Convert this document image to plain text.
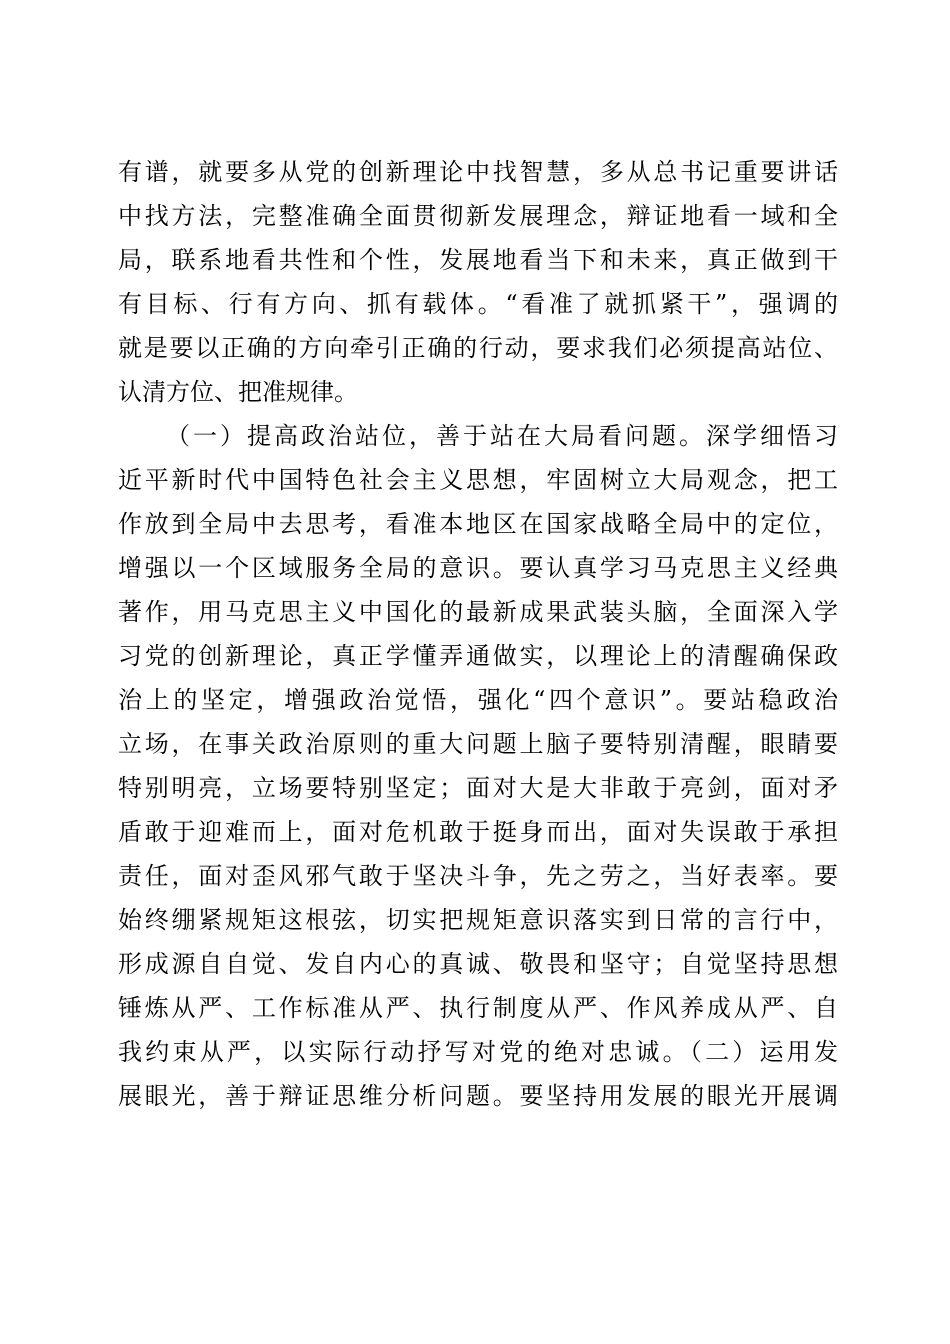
有谱，就要多从党的创新理论中找智慧，多从总书记重要讲话

中找方法，完整准确全面贯彻新发展理念，辩证地看一域和全

局，联系地看共性和个性，发展地看当下和未来，真正做到干

有目标、行有方向、抓有载体。“看准了就抓紧干”，强调的

就是要以正确的方向牵引正确的行动，要求我们必须提高站位、

认清方位、把准规律。

（一）提高政治站位，善于站在大局看问题。深学细悟习

近平新时代中国特色社会主义思想，牢固树立大局观念，把工

作放到全局中去思考，看准本地区在国家战略全局中的定位，

增强以一个区域服务全局的意识。要认真学习马克思主义经典

著作，用马克思主义中国化的最新成果武装头脑，全面深入学

习党的创新理论，真正学懂弄通做实，以理论上的清醒确保政

治上的坚定，增强政治觉悟，强化“四个意识”。要站稳政治

立场，在事关政治原则的重大问题上脑子要特别清醒，眼睛要

特别明亮，立场要特别坚定；面对大是大非敢于亮剑，面对矛

盾敢于迎难而上，面对危机敢于挺身而出，面对失误敢于承担

责任，面对歪风邪气敢于坚决斗争，先之劳之，当好表率。要

始终绷紧规矩这根弦，切实把规矩意识落实到日常的言行中，

形成源自自觉、发自内心的真诚、敬畏和坚守；自觉坚持思想

锤炼从严、工作标准从严、执行制度从严、作风养成从严、自

我约束从严，以实际行动抒写对党的绝对忠诚。（二）运用发

展眼光，善于辩证思维分析问题。要坚持用发展的眼光开展调
